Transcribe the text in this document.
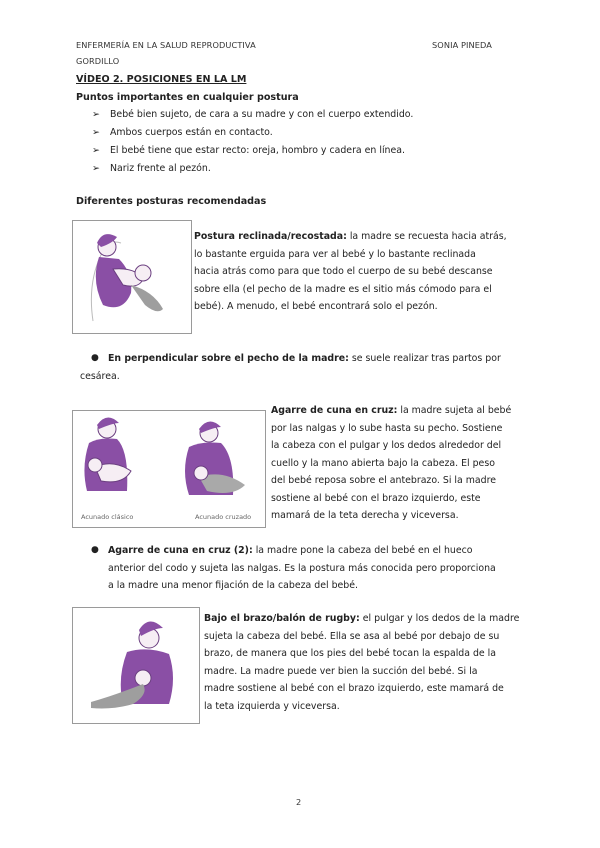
ENFERMERÍA EN LA SALUD REPRODUCTIVA	SONIA PINEDA
GORDILLO
VÍDEO 2. POSICIONES EN LA LM
Puntos importantes en cualquier postura
➢ Bebé bien sujeto, de cara a su madre y con el cuerpo extendido.
➢ Ambos cuerpos están en contacto.
➢ El bebé tiene que estar recto: oreja, hombro y cadera en línea.
➢ Nariz frente al pezón.
Diferentes posturas recomendadas
Postura reclinada/recostada: la madre se recuesta hacia atrás,
lo bastante erguida para ver al bebé y lo bastante reclinada
hacia atrás como para que todo el cuerpo de su bebé descanse
sobre ella (el pecho de la madre es el sitio más cómodo para el
bebé). A menudo, el bebé encontrará solo el pezón.
● En perpendicular sobre el pecho de la madre: se suele realizar tras partos por
cesárea.
Acunado clásico	Acunado cruzado
Agarre de cuna en cruz: la madre sujeta al bebé
por las nalgas y lo sube hasta su pecho. Sostiene
la cabeza con el pulgar y los dedos alrededor del
cuello y la mano abierta bajo la cabeza. El peso
del bebé reposa sobre el antebrazo. Si la madre
sostiene al bebé con el brazo izquierdo, este
mamará de la teta derecha y viceversa.
● Agarre de cuna en cruz (2): la madre pone la cabeza del bebé en el hueco
anterior del codo y sujeta las nalgas. Es la postura más conocida pero proporciona
a la madre una menor fijación de la cabeza del bebé.
Bajo el brazo/balón de rugby: el pulgar y los dedos de la madre
sujeta la cabeza del bebé. Ella se asa al bebé por debajo de su
brazo, de manera que los pies del bebé tocan la espalda de la
madre. La madre puede ver bien la succión del bebé. Si la
madre sostiene al bebé con el brazo izquierdo, este mamará de
la teta izquierda y viceversa.
2
